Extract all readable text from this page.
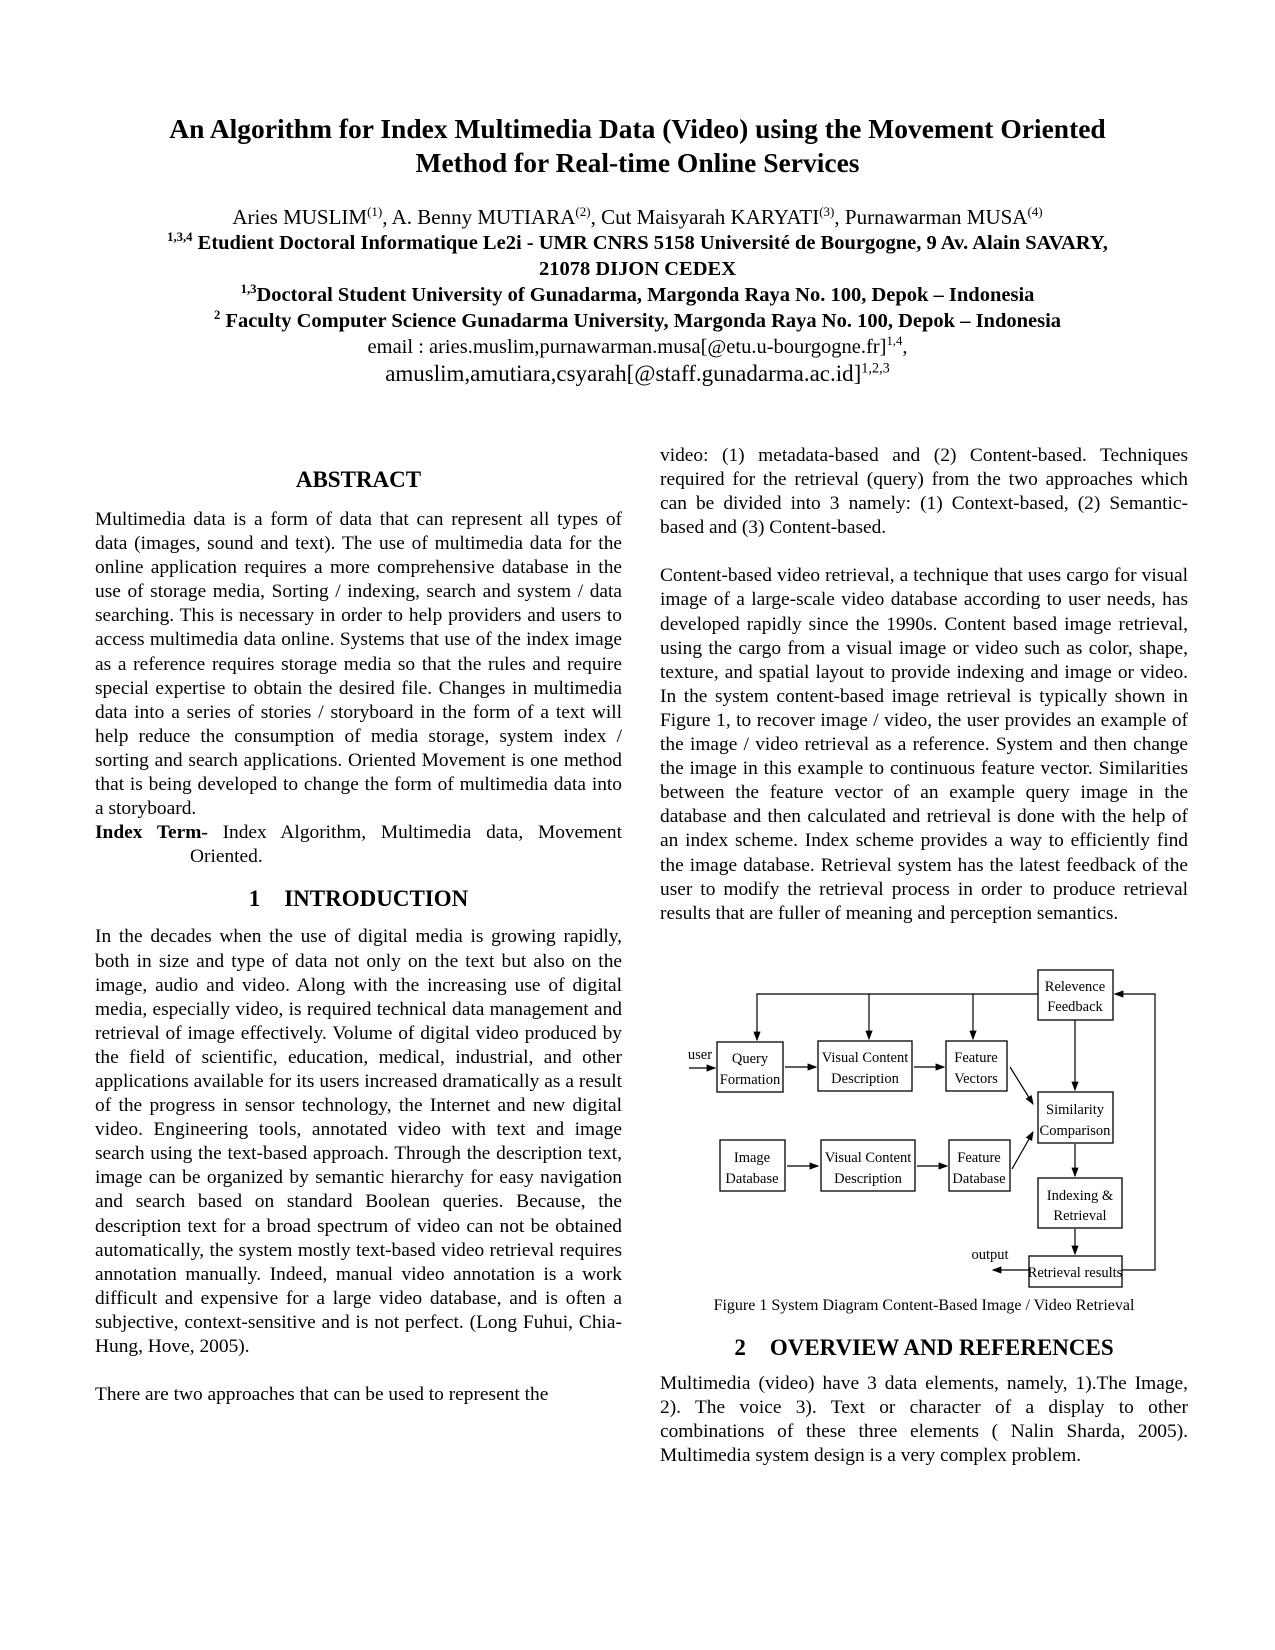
An Algorithm for Index Multimedia Data (Video) using the Movement Oriented
Method for Real-time Online Services
Aries MUSLIM$^{(1)}$, A. Benny MUTIARA$^{(2)}$, Cut Maisyarah KARYATI$^{(3)}$, Purnawarman MUSA$^{(4)}$
$^{1,3,4}$ Etudient Doctoral Informatique Le2i - UMR CNRS 5158 Université de Bourgogne, 9 Av. Alain SAVARY,
21078 DIJON CEDEX
$^{1,3}$Doctoral Student University of Gunadarma, Margonda Raya No. 100, Depok – Indonesia
$^2$ Faculty Computer Science Gunadarma University, Margonda Raya No. 100, Depok – Indonesia
email : aries.muslim,purnawarman.musa[@etu.u-bourgogne.fr]$^{1,4}$,
amuslim,amutiara,csyarah[@staff.gunadarma.ac.id]$^{1,2,3}$
ABSTRACT
Multimedia data is a form of data that can represent all types of data (images, sound and text). The use of multimedia data for the online application requires a more comprehensive database in the use of storage media, Sorting / indexing, search and system / data searching. This is necessary in order to help providers and users to access multimedia data online. Systems that use of the index image as a reference requires storage media so that the rules and require special expertise to obtain the desired file. Changes in multimedia data into a series of stories / storyboard in the form of a text will help reduce the consumption of media storage, system index / sorting and search applications. Oriented Movement is one method that is being developed to change the form of multimedia data into a storyboard.
Index Term- Index Algorithm, Multimedia data, Movement Oriented.
1 INTRODUCTION
In the decades when the use of digital media is growing rapidly, both in size and type of data not only on the text but also on the image, audio and video. Along with the increasing use of digital media, especially video, is required technical data management and retrieval of image effectively. Volume of digital video produced by the field of scientific, education, medical, industrial, and other applications available for its users increased dramatically as a result of the progress in sensor technology, the Internet and new digital video. Engineering tools, annotated video with text and image search using the text-based approach. Through the description text, image can be organized by semantic hierarchy for easy navigation and search based on standard Boolean queries. Because, the description text for a broad spectrum of video can not be obtained automatically, the system mostly text-based video retrieval requires annotation manually. Indeed, manual video annotation is a work difficult and expensive for a large video database, and is often a subjective, context-sensitive and is not perfect. (Long Fuhui, Chia-Hung, Hove, 2005).
There are two approaches that can be used to represent the
video: (1) metadata-based and (2) Content-based. Techniques required for the retrieval (query) from the two approaches which can be divided into 3 namely: (1) Context-based, (2) Semantic-based and (3) Content-based.
Content-based video retrieval, a technique that uses cargo for visual image of a large-scale video database according to user needs, has developed rapidly since the 1990s. Content based image retrieval, using the cargo from a visual image or video such as color, shape, texture, and spatial layout to provide indexing and image or video. In the system content-based image retrieval is typically shown in Figure 1, to recover image / video, the user provides an example of the image / video retrieval as a reference. System and then change the image in this example to continuous feature vector. Similarities between the feature vector of an example query image in the database and then calculated and retrieval is done with the help of an index scheme. Index scheme provides a way to efficiently find the image database. Retrieval system has the latest feedback of the user to modify the retrieval process in order to produce retrieval results that are fuller of meaning and perception semantics.
Relevence
Feedback
Query
Formation
Visual Content
Description
Feature
Vectors
Similarity
Comparison
Image
Database
Visual Content
Description
Feature
Database
Indexing &
Retrieval
Retrieval results
user
output
Figure 1 System Diagram Content-Based Image / Video Retrieval
2 OVERVIEW AND REFERENCES
Multimedia (video) have 3 data elements, namely, 1).The Image, 2). The voice 3). Text or character of a display to other combinations of these three elements ( Nalin Sharda, 2005). Multimedia system design is a very complex problem.
